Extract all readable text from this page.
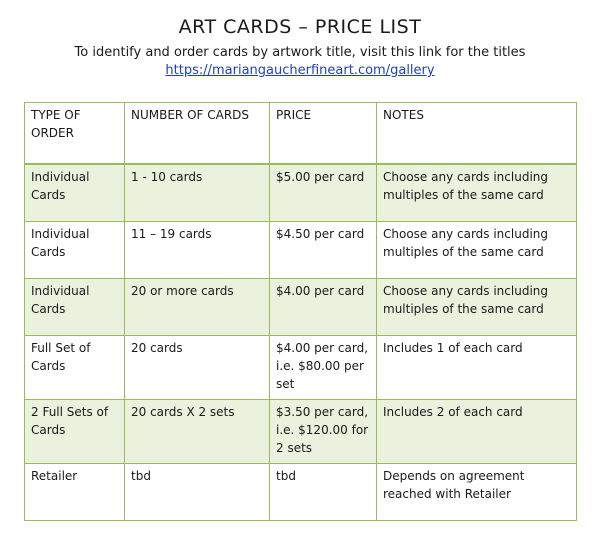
ART CARDS – PRICE LIST
To identify and order cards by artwork title, visit this link for the titles
https://mariangaucherfineart.com/gallery
TYPE OF ORDER	NUMBER OF CARDS	PRICE	NOTES
Individual Cards	1 - 10 cards	$5.00 per card	Choose any cards including multiples of the same card
Individual Cards	11 – 19 cards	$4.50 per card	Choose any cards including multiples of the same card
Individual Cards	20 or more cards	$4.00 per card	Choose any cards including multiples of the same card
Full Set of Cards	20 cards	$4.00 per card, i.e. $80.00 per set	Includes 1 of each card
2 Full Sets of Cards	20 cards X 2 sets	$3.50 per card, i.e. $120.00 for 2 sets	Includes 2 of each card
Retailer	tbd	tbd	Depends on agreement reached with Retailer
